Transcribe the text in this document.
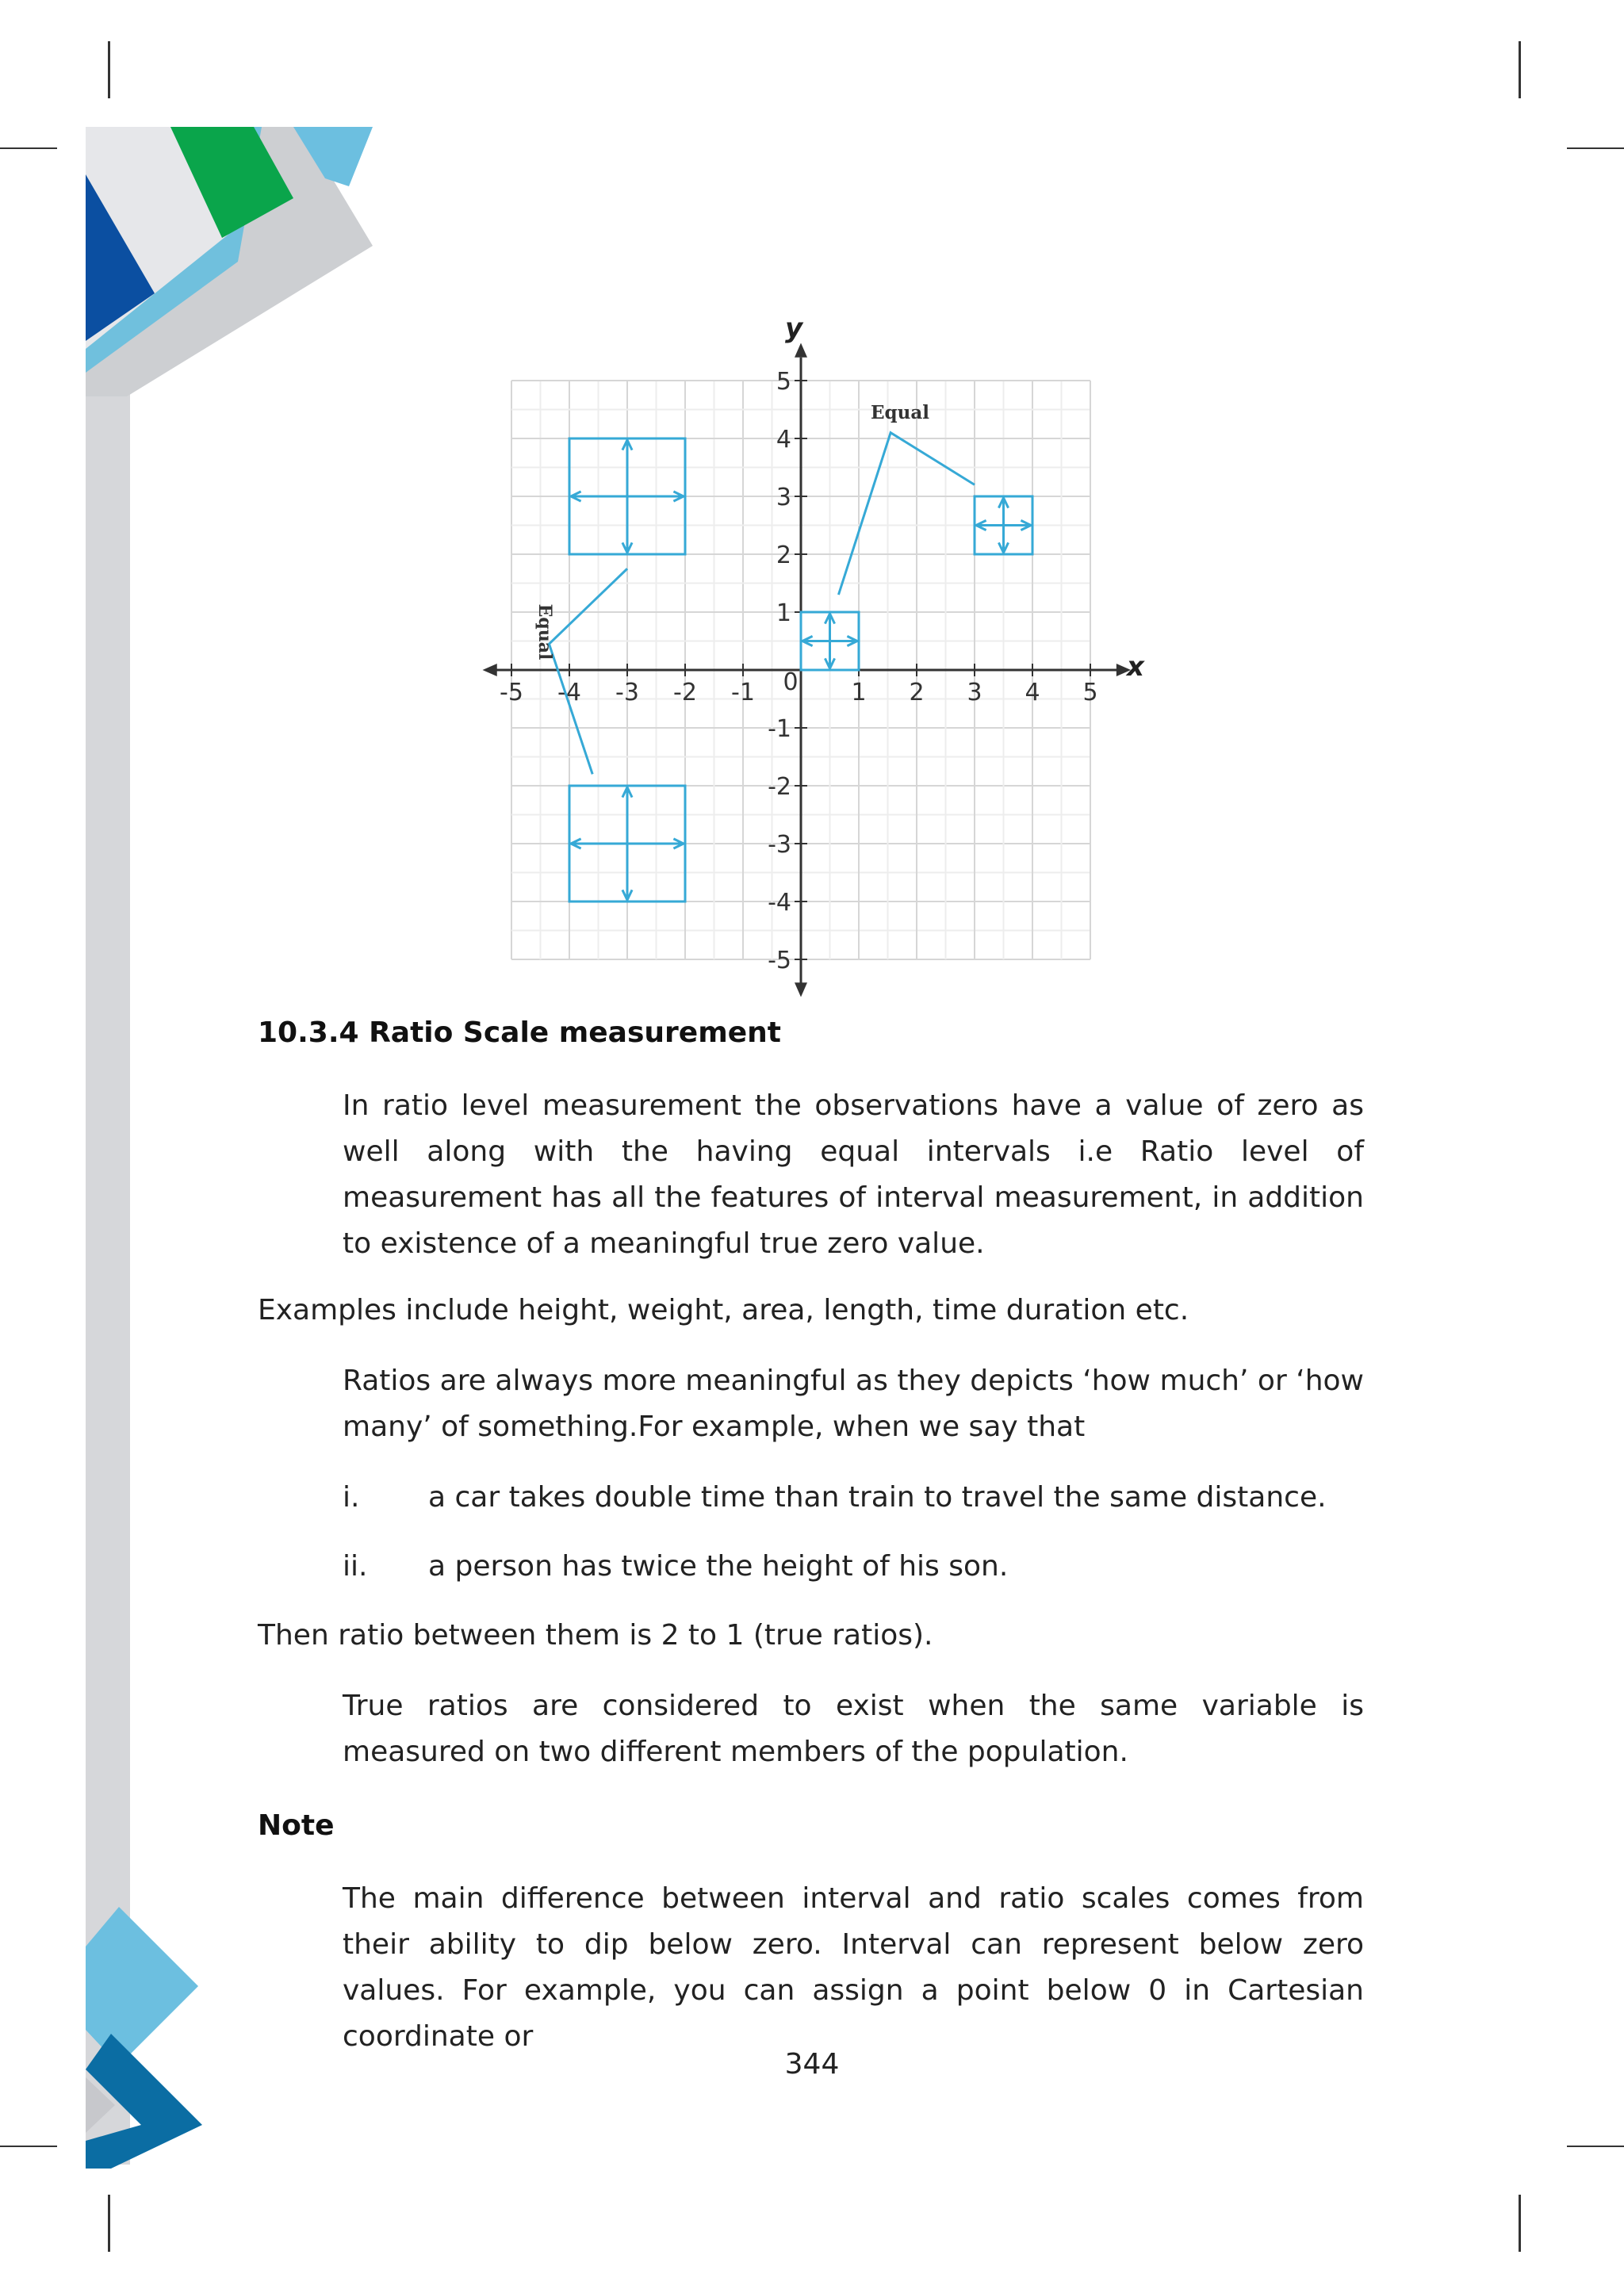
-5 -4 -3 -2 -1	1 2 3 4 5
5
4
3
2
1
-1
-2
-3
-4
-5
x
y
0
Equal
Equal
10.3.4 Ratio Scale measurement
In ratio level measurement the observations have a value of zero as well along with the having equal intervals i.e Ratio level of measurement has all the features of interval measurement, in addition to existence of a meaningful true zero value.
Examples include height, weight, area, length, time duration etc.
Ratios are always more meaningful as they depicts ‘how much’ or ‘how many’ of something.For example, when we say that
i. a car takes double time than train to travel the same distance.
ii. a person has twice the height of his son.
Then ratio between them is 2 to 1 (true ratios).
True ratios are considered to exist when the same variable is measured on two different members of the population.
Note
The main difference between interval and ratio scales comes from their ability to dip below zero. Interval can represent below zero values. For example, you can assign a point below 0 in Cartesian coordinate or
344
